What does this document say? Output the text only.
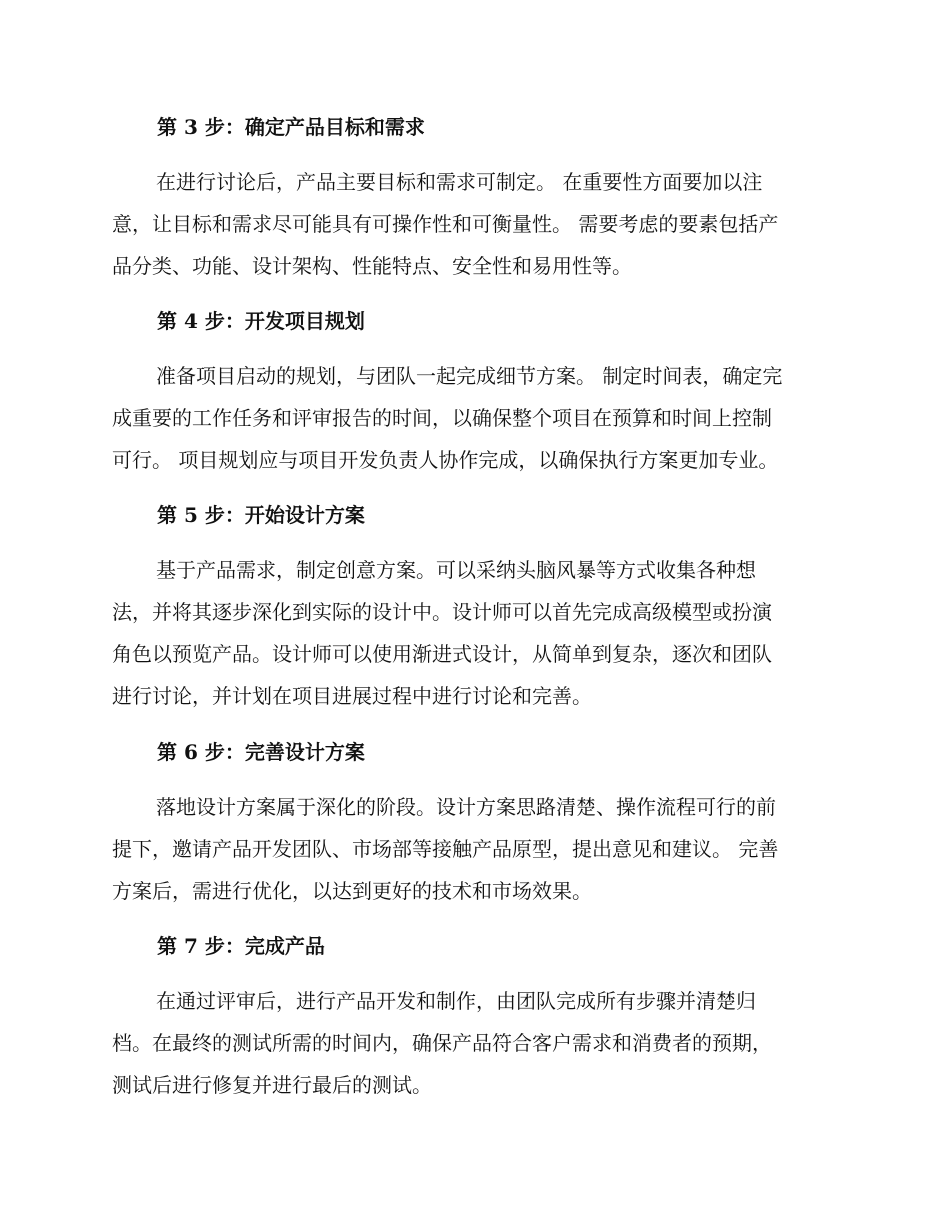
第 3 步：确定产品目标和需求

在进行讨论后，产品主要目标和需求可制定。 在重要性方面要加以注
意，让目标和需求尽可能具有可操作性和可衡量性。 需要考虑的要素包括产
品分类、功能、设计架构、性能特点、安全性和易用性等。

第 4 步：开发项目规划

准备项目启动的规划，与团队一起完成细节方案。 制定时间表，确定完
成重要的工作任务和评审报告的时间，以确保整个项目在预算和时间上控制
可行。 项目规划应与项目开发负责人协作完成，以确保执行方案更加专业。

第 5 步：开始设计方案

基于产品需求，制定创意方案。可以采纳头脑风暴等方式收集各种想
法，并将其逐步深化到实际的设计中。设计师可以首先完成高级模型或扮演
角色以预览产品。设计师可以使用渐进式设计，从简单到复杂，逐次和团队
进行讨论，并计划在项目进展过程中进行讨论和完善。

第 6 步：完善设计方案

落地设计方案属于深化的阶段。设计方案思路清楚、操作流程可行的前
提下，邀请产品开发团队、市场部等接触产品原型，提出意见和建议。 完善
方案后，需进行优化，以达到更好的技术和市场效果。

第 7 步：完成产品

在通过评审后，进行产品开发和制作，由团队完成所有步骤并清楚归
档。在最终的测试所需的时间内，确保产品符合客户需求和消费者的预期，
测试后进行修复并进行最后的测试。
